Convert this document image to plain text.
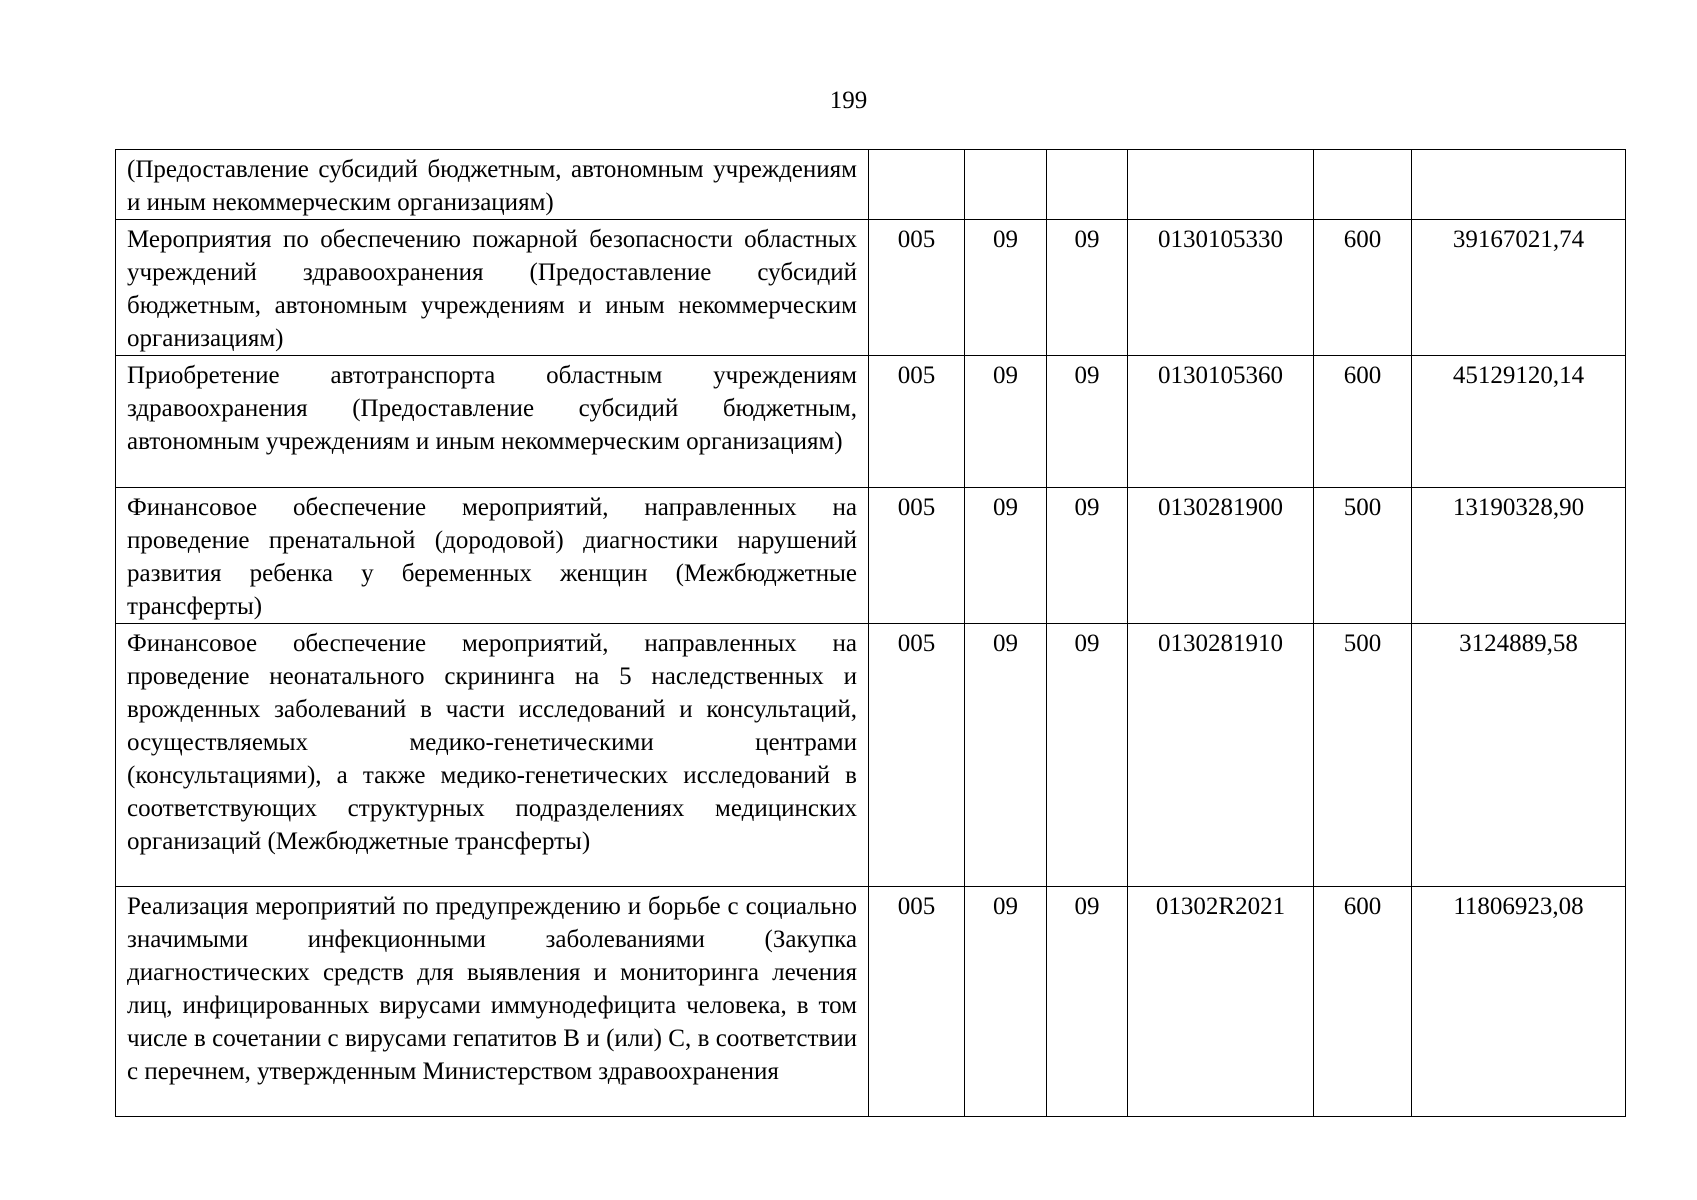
199
(Предоставление субсидий бюджетным, автономным учреждениям и иным некоммерческим организациям)						
Мероприятия по обеспечению пожарной безопасности областных учреждений здравоохранения (Предоставление субсидий бюджетным, автономным учреждениям и иным некоммерческим организациям)	005	09	09	0130105330	600	39167021,74
Приобретение автотранспорта областным учреждениям здравоохранения (Предоставление субсидий бюджетным, автономным учреждениям и иным некоммерческим организациям)	005	09	09	0130105360	600	45129120,14
Финансовое обеспечение мероприятий, направленных на проведение пренатальной (дородовой) диагностики нарушений развития ребенка у беременных женщин (Межбюджетные трансферты)	005	09	09	0130281900	500	13190328,90
Финансовое обеспечение мероприятий, направленных на проведение неонатального скрининга на 5 наследственных и врожденных заболеваний в части исследований и консультаций, осуществляемых медико-генетическими центрами (консультациями), а также медико-генетических исследований в соответствующих структурных подразделениях медицинских организаций (Межбюджетные трансферты)	005	09	09	0130281910	500	3124889,58
Реализация мероприятий по предупреждению и борьбе с социально значимыми инфекционными заболеваниями (Закупка диагностических средств для выявления и мониторинга лечения лиц, инфицированных вирусами иммунодефицита человека, в том числе в сочетании с вирусами гепатитов B и (или) C, в соответствии с перечнем, утвержденным Министерством здравоохранения	005	09	09	01302R2021	600	11806923,08
